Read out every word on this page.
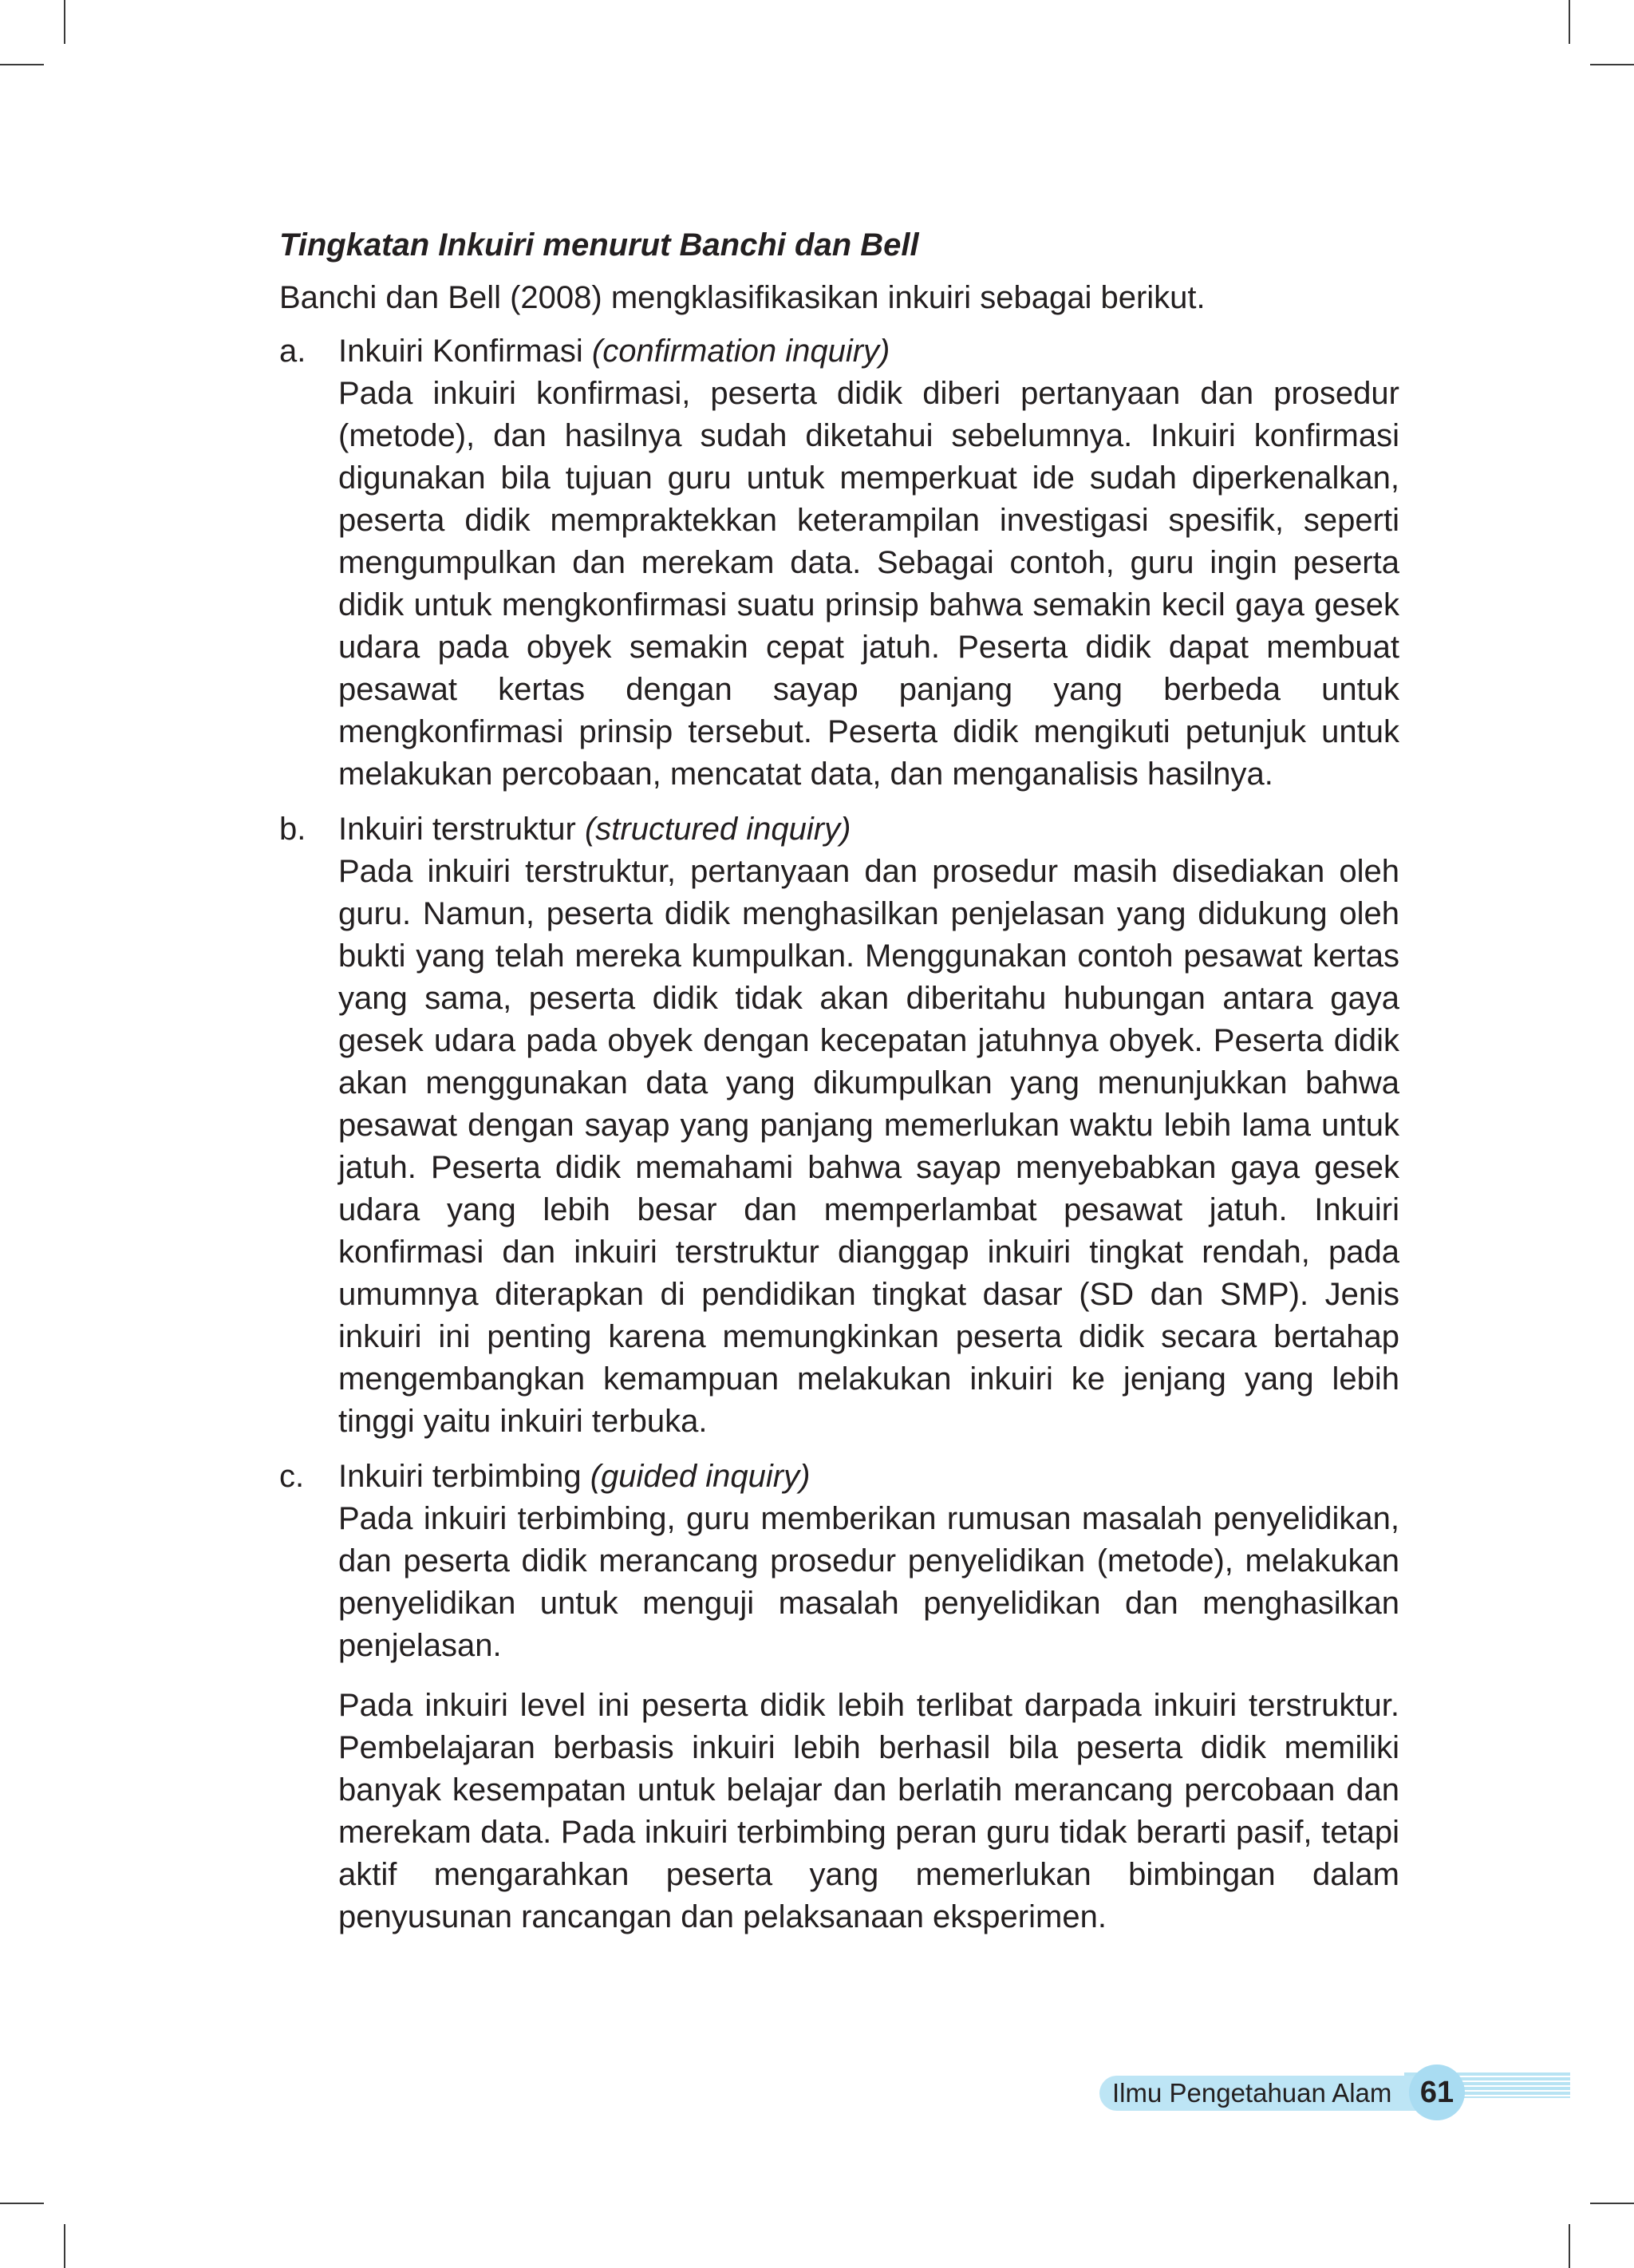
Tingkatan Inkuiri menurut Banchi dan Bell
Banchi dan Bell (2008) mengklasifikasikan inkuiri sebagai berikut.
a. Inkuiri Konfirmasi (confirmation inquiry)

Pada inkuiri konfirmasi, peserta didik diberi pertanyaan dan prosedur (metode), dan hasilnya sudah diketahui sebelumnya. Inkuiri konfirmasi digunakan bila tujuan guru untuk memperkuat ide sudah diperkenalkan, peserta didik mempraktekkan keterampilan investigasi spesifik, seperti mengumpulkan dan merekam data. Sebagai contoh, guru ingin peserta didik untuk mengkonfirmasi suatu prinsip bahwa semakin kecil gaya gesek udara pada obyek semakin cepat jatuh. Peserta didik dapat membuat pesawat kertas dengan sayap panjang yang berbeda untuk mengkonfirmasi prinsip tersebut. Peserta didik mengikuti petunjuk untuk melakukan percobaan, mencatat data, dan menganalisis hasilnya.

b. Inkuiri terstruktur (structured inquiry)

Pada inkuiri terstruktur, pertanyaan dan prosedur masih disediakan oleh guru. Namun, peserta didik menghasilkan penjelasan yang didukung oleh bukti yang telah mereka kumpulkan. Menggunakan contoh pesawat kertas yang sama, peserta didik tidak akan diberitahu hubungan antara gaya gesek udara pada obyek dengan kecepatan jatuhnya obyek. Peserta didik akan menggunakan data yang dikumpulkan yang menunjukkan bahwa pesawat dengan sayap yang panjang memerlukan waktu lebih lama untuk jatuh. Peserta didik memahami bahwa sayap menyebabkan gaya gesek udara yang lebih besar dan memperlambat pesawat jatuh. Inkuiri konfirmasi dan inkuiri terstruktur dianggap inkuiri tingkat rendah, pada umumnya diterapkan di pendidikan tingkat dasar (SD dan SMP). Jenis inkuiri ini penting karena memungkinkan peserta didik secara bertahap mengembangkan kemampuan melakukan inkuiri ke jenjang yang lebih tinggi yaitu inkuiri terbuka.

c. Inkuiri terbimbing (guided inquiry)

Pada inkuiri terbimbing, guru memberikan rumusan masalah penyelidikan, dan peserta didik merancang prosedur penyelidikan (metode), melakukan penyelidikan untuk menguji masalah penyelidikan dan menghasilkan penjelasan.

Pada inkuiri level ini peserta didik lebih terlibat darpada inkuiri terstruktur. Pembelajaran berbasis inkuiri lebih berhasil bila peserta didik memiliki banyak kesempatan untuk belajar dan berlatih merancang percobaan dan merekam data. Pada inkuiri terbimbing peran guru tidak berarti pasif, tetapi aktif mengarahkan peserta yang memerlukan bimbingan dalam penyusunan rancangan dan pelaksanaan eksperimen.

Ilmu Pengetahuan Alam 61
